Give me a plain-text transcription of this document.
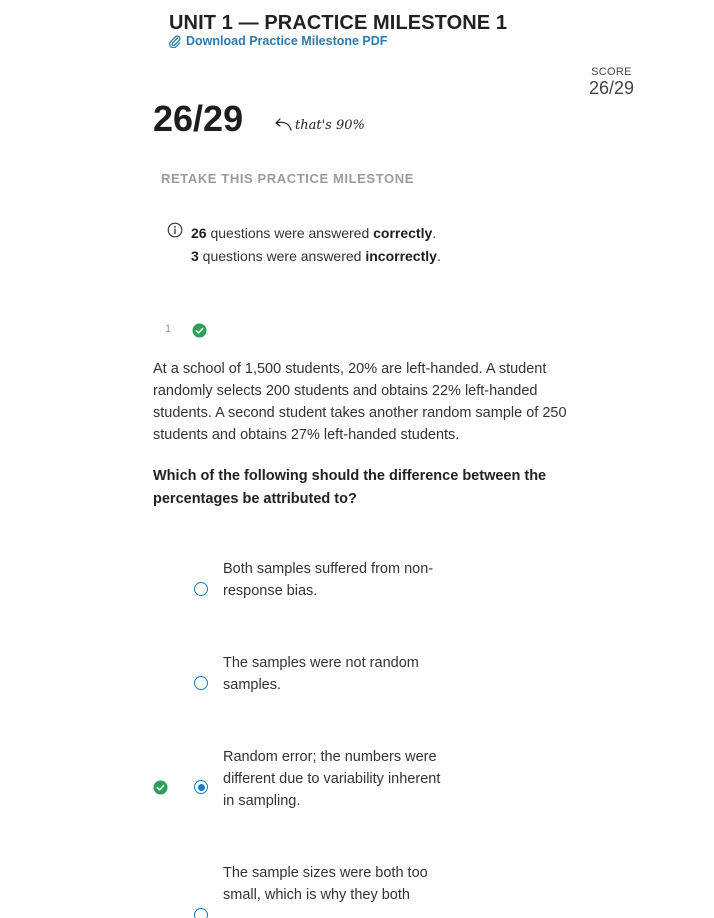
UNIT 1 — PRACTICE MILESTONE 1
Download Practice Milestone PDF
SCORE
26/29
26/29	that's 90%
RETAKE THIS PRACTICE MILESTONE
26 questions were answered correctly.
3 questions were answered incorrectly.
1
At a school of 1,500 students, 20% are left-handed. A student randomly selects 200 students and obtains 22% left-handed students. A second student takes another random sample of 250 students and obtains 27% left-handed students.
Which of the following should the difference between the percentages be attributed to?
Both samples suffered from non-response bias.
The samples were not random samples.
Random error; the numbers were different due to variability inherent in sampling.
The sample sizes were both too small, which is why they both
